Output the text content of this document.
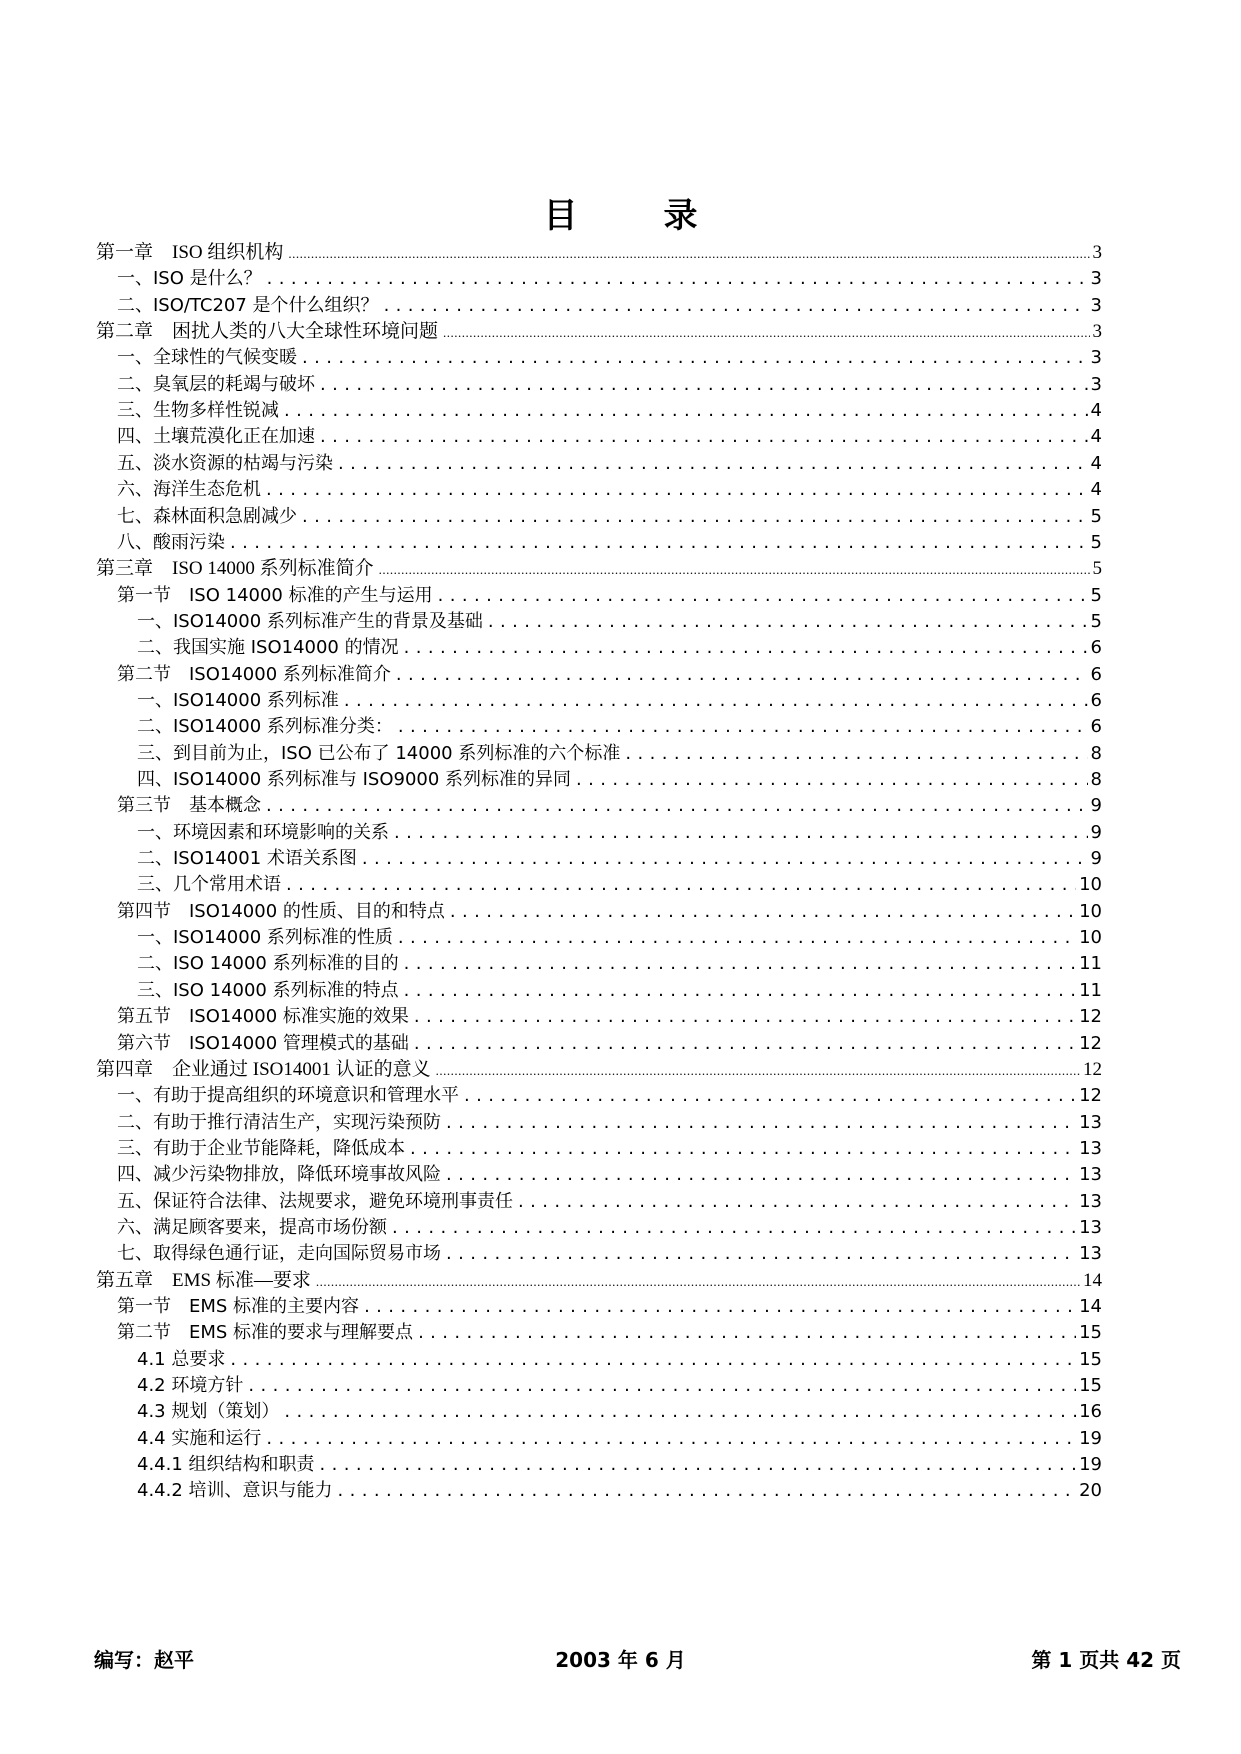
目　录
第一章　ISO 组织机构 .....	3
一、ISO 是什么？ .....	3
二、ISO/TC207 是个什么组织？ .....	3
第二章　困扰人类的八大全球性环境问题 .....	3
一、全球性的气候变暖 .....	3
二、臭氧层的耗竭与破坏 .....	3
三、生物多样性锐减 .....	4
四、土壤荒漠化正在加速 .....	4
五、淡水资源的枯竭与污染 .....	4
六、海洋生态危机 .....	4
七、森林面积急剧减少 .....	5
八、酸雨污染 .....	5
第三章　ISO 14000 系列标准简介 .....	5
第一节　ISO 14000 标准的产生与运用 .....	5
一、ISO14000 系列标准产生的背景及基础 .....	5
二、我国实施 ISO14000 的情况 .....	6
第二节　ISO14000 系列标准简介 .....	6
一、ISO14000 系列标准 .....	6
二、ISO14000 系列标准分类： .....	6
三、到目前为止，ISO 已公布了 14000 系列标准的六个标准 .....	8
四、ISO14000 系列标准与 ISO9000 系列标准的异同 .....	8
第三节　基本概念 .....	9
一、环境因素和环境影响的关系 .....	9
二、ISO14001 术语关系图 .....	9
三、几个常用术语 .....	10
第四节　ISO14000 的性质、目的和特点 .....	10
一、ISO14000 系列标准的性质 .....	10
二、ISO 14000 系列标准的目的 .....	11
三、ISO 14000 系列标准的特点 .....	11
第五节　ISO14000 标准实施的效果 .....	12
第六节　ISO14000 管理模式的基础 .....	12
第四章　企业通过 ISO14001 认证的意义 .....	12
一、有助于提高组织的环境意识和管理水平 .....	12
二、有助于推行清洁生产，实现污染预防 .....	13
三、有助于企业节能降耗，降低成本 .....	13
四、减少污染物排放，降低环境事故风险 .....	13
五、保证符合法律、法规要求，避免环境刑事责任 .....	13
六、满足顾客要来，提高市场份额 .....	13
七、取得绿色通行证，走向国际贸易市场 .....	13
第五章　EMS 标准—要求 .....	14
第一节　EMS 标准的主要内容 .....	14
第二节　EMS 标准的要求与理解要点 .....	15
4.1 总要求 .....	15
4.2 环境方针 .....	15
4.3 规划（策划） .....	16
4.4 实施和运行 .....	19
4.4.1 组织结构和职责 .....	19
4.4.2 培训、意识与能力 .....	20
编写：赵平	2003 年 6 月	第 1 页共 42 页
